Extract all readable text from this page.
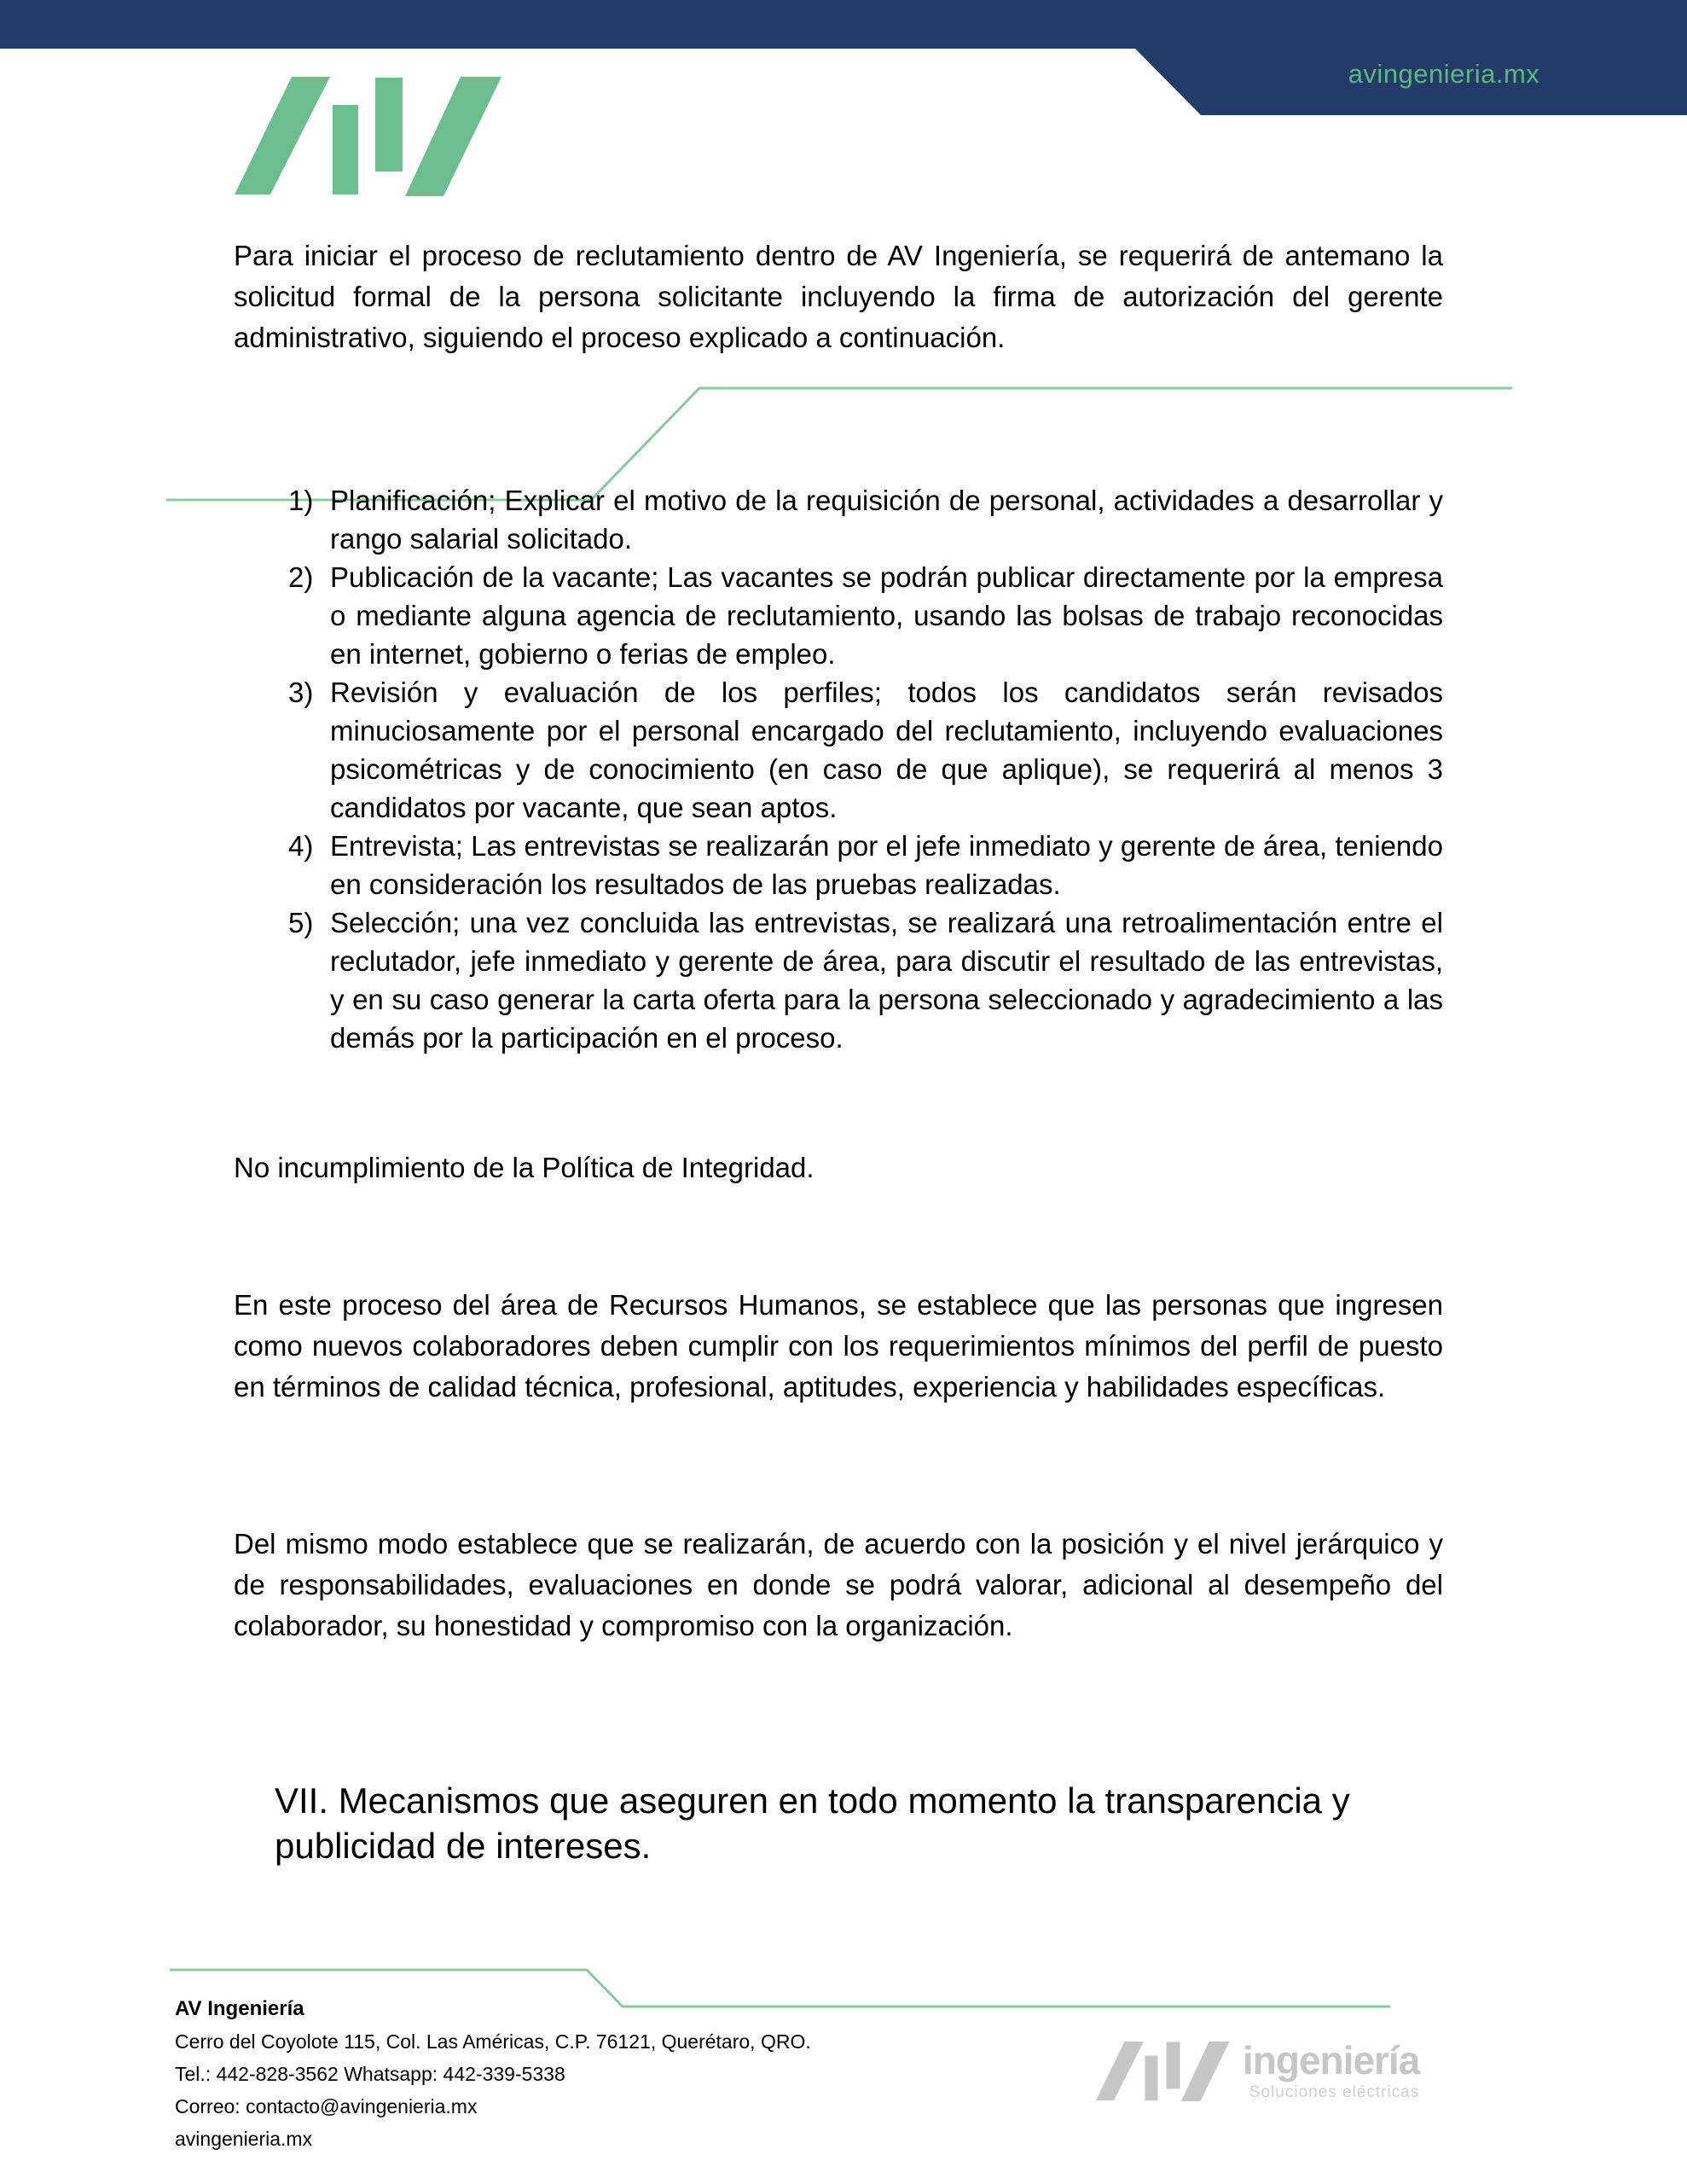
avingenieria.mx

Para iniciar el proceso de reclutamiento dentro de AV Ingeniería, se requerirá de antemano la solicitud formal de la persona solicitante incluyendo la firma de autorización del gerente administrativo, siguiendo el proceso explicado a continuación.

1) Planificación; Explicar el motivo de la requisición de personal, actividades a desarrollar y rango salarial solicitado.
2) Publicación de la vacante; Las vacantes se podrán publicar directamente por la empresa o mediante alguna agencia de reclutamiento, usando las bolsas de trabajo reconocidas en internet, gobierno o ferias de empleo.
3) Revisión y evaluación de los perfiles; todos los candidatos serán revisados minuciosamente por el personal encargado del reclutamiento, incluyendo evaluaciones psicométricas y de conocimiento (en caso de que aplique), se requerirá al menos 3 candidatos por vacante, que sean aptos.
4) Entrevista; Las entrevistas se realizarán por el jefe inmediato y gerente de área, teniendo en consideración los resultados de las pruebas realizadas.
5) Selección; una vez concluida las entrevistas, se realizará una retroalimentación entre el reclutador, jefe inmediato y gerente de área, para discutir el resultado de las entrevistas, y en su caso generar la carta oferta para la persona seleccionado y agradecimiento a las demás por la participación en el proceso.

No incumplimiento de la Política de Integridad.

En este proceso del área de Recursos Humanos, se establece que las personas que ingresen como nuevos colaboradores deben cumplir con los requerimientos mínimos del perfil de puesto en términos de calidad técnica, profesional, aptitudes, experiencia y habilidades específicas.

Del mismo modo establece que se realizarán, de acuerdo con la posición y el nivel jerárquico y de responsabilidades, evaluaciones en donde se podrá valorar, adicional al desempeño del colaborador, su honestidad y compromiso con la organización.

VII. Mecanismos que aseguren en todo momento la transparencia y publicidad de intereses.
AV Ingeniería
Cerro del Coyolote 115, Col. Las Américas, C.P. 76121, Querétaro, QRO.
Tel.: 442-828-3562 Whatsapp: 442-339-5338
Correo: contacto@avingenieria.mx
avingenieria.mx
ingeniería
Soluciones eléctricas
